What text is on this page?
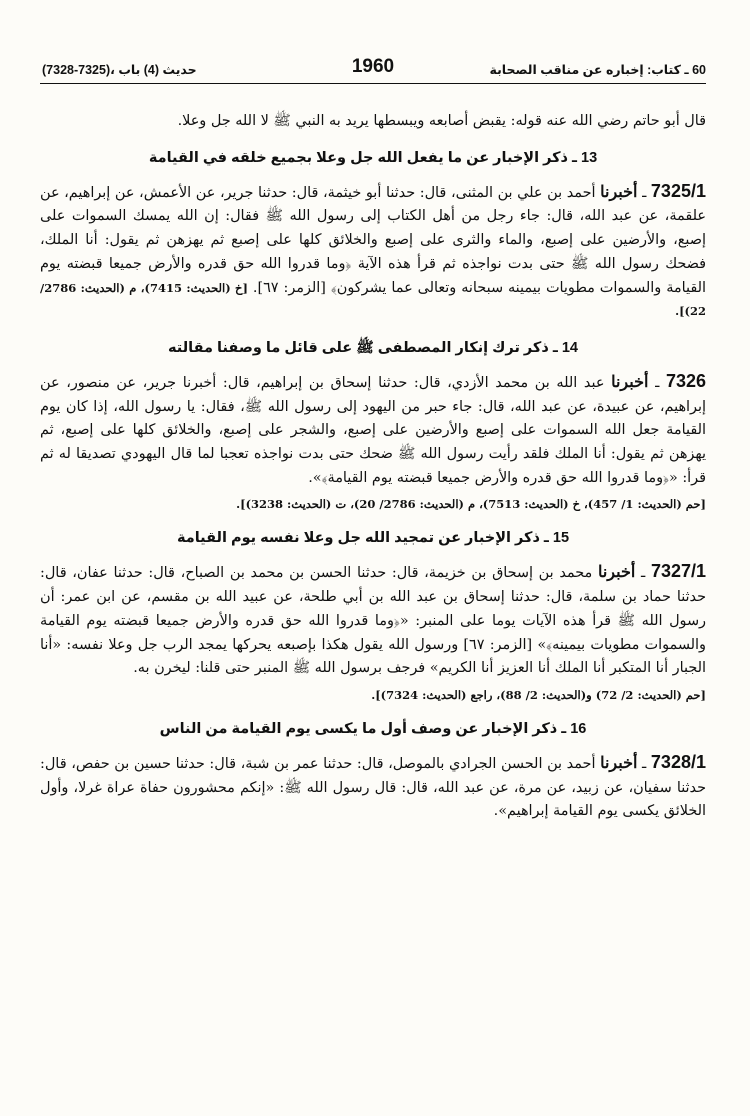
(7328-7325)، حديث (4) باب	1960	60 ـ كتاب: إخباره عن مناقب الصحابة

قال أبو حاتم رضي الله عنه قوله: يقبض أصابعه ويبسطها يريد به النبي ﷺ لا الله جل وعلا.

13 ـ ذكر الإخبار عن ما يفعل الله جل وعلا بجميع خلقه في القيامة

7325/1 ـ أخبرنا أحمد بن علي بن المثنى، قال: حدثنا أبو خيثمة، قال: حدثنا جرير، عن الأعمش، عن إبراهيم، عن علقمة، عن عبد الله، قال: جاء رجل من أهل الكتاب إلى رسول الله ﷺ فقال: إن الله يمسك السموات على إصبع، والأرضين على إصبع، والماء والثرى على إصبع والخلائق كلها على إصبع ثم يهزهن ثم يقول: أنا الملك، فضحك رسول الله ﷺ حتى بدت نواجذه ثم قرأ هذه الآية ﴿وما قدروا الله حق قدره والأرض جميعا قبضته يوم القيامة والسموات مطويات بيمينه سبحانه وتعالى عما يشركون﴾ [الزمر: ٦٧]. [خ (الحديث: 7415)، م (الحديث: 2786/ 22)].

14 ـ ذكر ترك إنكار المصطفى ﷺ على قائل ما وصفنا مقالته

7326 ـ أخبرنا عبد الله بن محمد الأزدي، قال: حدثنا إسحاق بن إبراهيم، قال: أخبرنا جرير، عن منصور، عن إبراهيم، عن عبيدة، عن عبد الله، قال: جاء حبر من اليهود إلى رسول الله ﷺ، فقال: يا رسول الله، إذا كان يوم القيامة جعل الله السموات على إصبع والأرضين على إصبع، والشجر على إصبع، والخلائق كلها على إصبع، ثم يهزهن ثم يقول: أنا الملك فلقد رأيت رسول الله ﷺ ضحك حتى بدت نواجذه تعجبا لما قال اليهودي تصديقا له ثم قرأ: «﴿وما قدروا الله حق قدره والأرض جميعا قبضته يوم القيامة﴾».

[حم (الحديث: 1/ 457)، خ (الحديث: 7513)، م (الحديث: 2786/ 20)، ت (الحديث: 3238)].
15 ـ ذكر الإخبار عن تمجيد الله جل وعلا نفسه يوم القيامة

7327/1 ـ أخبرنا محمد بن إسحاق بن خزيمة، قال: حدثنا الحسن بن محمد بن الصباح، قال: حدثنا عفان، قال: حدثنا حماد بن سلمة، قال: حدثنا إسحاق بن عبد الله بن أبي طلحة، عن عبيد الله بن مقسم، عن ابن عمر: أن رسول الله ﷺ قرأ هذه الآيات يوما على المنبر: «﴿وما قدروا الله حق قدره والأرض جميعا قبضته يوم القيامة والسموات مطويات بيمينه﴾» [الزمر: ٦٧] ورسول الله يقول هكذا بإصبعه يحركها يمجد الرب جل وعلا نفسه: «أنا الجبار أنا المتكبر أنا الملك أنا العزيز أنا الكريم» فرجف برسول الله ﷺ المنبر حتى قلنا: ليخرن به.

[حم (الحديث: 2/ 72) و(الحديث: 2/ 88)، راجع (الحديث: 7324)].
16 ـ ذكر الإخبار عن وصف أول ما يكسى يوم القيامة من الناس

7328/1 ـ أخبرنا أحمد بن الحسن الجرادي بالموصل، قال: حدثنا عمر بن شبة، قال: حدثنا حسين بن حفص، قال: حدثنا سفيان، عن زبيد، عن مرة، عن عبد الله، قال: قال رسول الله ﷺ: «إنكم محشورون حفاة عراة غرلا، وأول الخلائق يكسى يوم القيامة إبراهيم».
